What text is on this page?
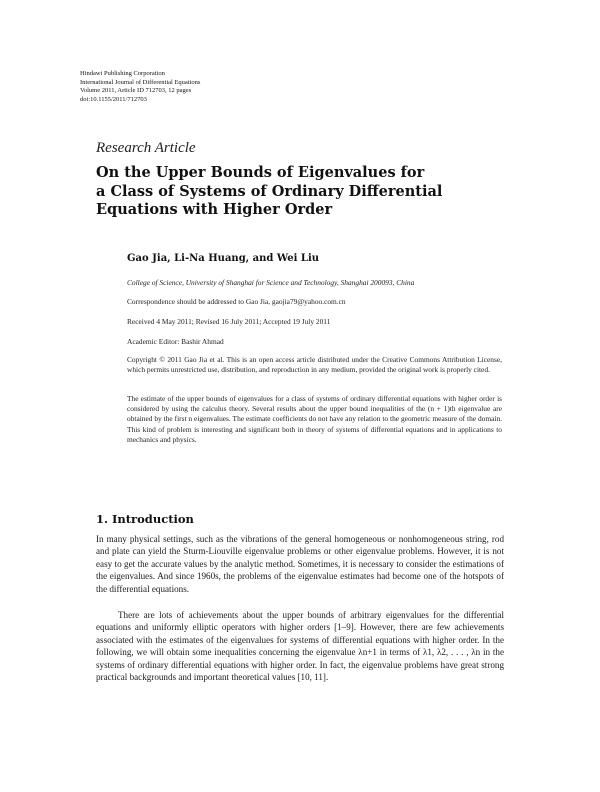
Hindawi Publishing Corporation
International Journal of Differential Equations
Volume 2011, Article ID 712703, 12 pages
doi:10.1155/2011/712703
Research Article
On the Upper Bounds of Eigenvalues for
a Class of Systems of Ordinary Differential
Equations with Higher Order
Gao Jia, Li-Na Huang, and Wei Liu
College of Science, University of Shanghai for Science and Technology, Shanghai 200093, China
Correspondence should be addressed to Gao Jia, gaojia79@yahoo.com.cn
Received 4 May 2011; Revised 16 July 2011; Accepted 19 July 2011
Academic Editor: Bashir Ahmad
Copyright © 2011 Gao Jia et al. This is an open access article distributed under the Creative Commons Attribution License, which permits unrestricted use, distribution, and reproduction in any medium, provided the original work is properly cited.
The estimate of the upper bounds of eigenvalues for a class of systems of ordinary differential equations with higher order is considered by using the calculus theory. Several results about the upper bound inequalities of the (n + 1)th eigenvalue are obtained by the first n eigenvalues. The estimate coefficients do not have any relation to the geometric measure of the domain. This kind of problem is interesting and significant both in theory of systems of differential equations and in applications to mechanics and physics.
1. Introduction
In many physical settings, such as the vibrations of the general homogeneous or nonhomogeneous string, rod and plate can yield the Sturm-Liouville eigenvalue problems or other eigenvalue problems. However, it is not easy to get the accurate values by the analytic method. Sometimes, it is necessary to consider the estimations of the eigenvalues. And since 1960s, the problems of the eigenvalue estimates had become one of the hotspots of the differential equations.
There are lots of achievements about the upper bounds of arbitrary eigenvalues for the differential equations and uniformly elliptic operators with higher orders [1–9]. However, there are few achievements associated with the estimates of the eigenvalues for systems of differential equations with higher order. In the following, we will obtain some inequalities concerning the eigenvalue λn+1 in terms of λ1, λ2, . . . , λn in the systems of ordinary differential equations with higher order. In fact, the eigenvalue problems have great strong practical backgrounds and important theoretical values [10, 11].
